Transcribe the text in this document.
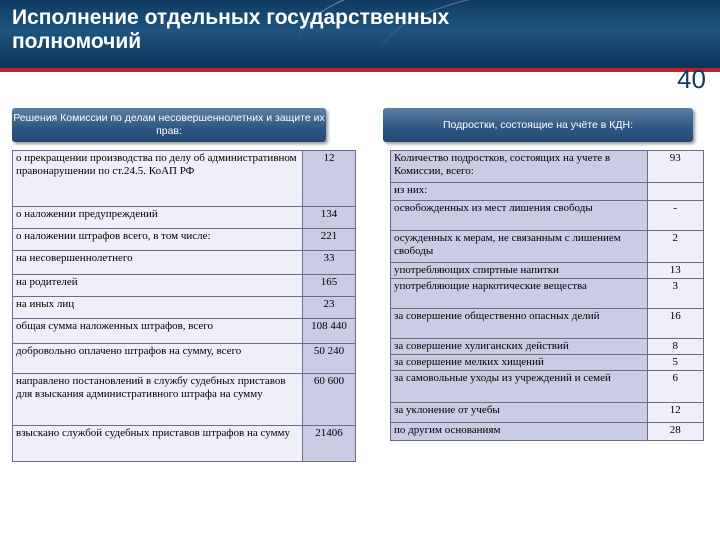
Исполнение отдельных государственных полномочий
40
Решения Комиссии по делам несовершеннолетних и защите их прав:
Подростки, состоящие на учёте в КДН:
о прекращении производства по делу об административном правонарушении по ст.24.5. КоАП РФ	12
о наложении предупреждений	134
о наложении штрафов всего, в том числе:	221
на несовершеннолетнего	33
на родителей	165
на иных лиц	23
общая сумма наложенных штрафов, всего	108 440
добровольно оплачено штрафов на сумму, всего	50 240
направлено постановлений в службу судебных приставов для взыскания административного штрафа на сумму	60 600
взыскано службой судебных приставов штрафов на сумму	21406
Количество подростков, состоящих на учете в Комиссии, всего:	93
из них:	
освобожденных из мест лишения свободы	-
осужденных к мерам, не связанным с лишением свободы	2
употребляющих спиртные напитки	13
употребляющие наркотические вещества	3
за совершение общественно опасных делий	16
за совершение хулиганских действий	8
за совершение мелких хищений	5
за самовольные уходы из учреждений и семей	6
за уклонение от учебы	12
по другим основаниям	28
